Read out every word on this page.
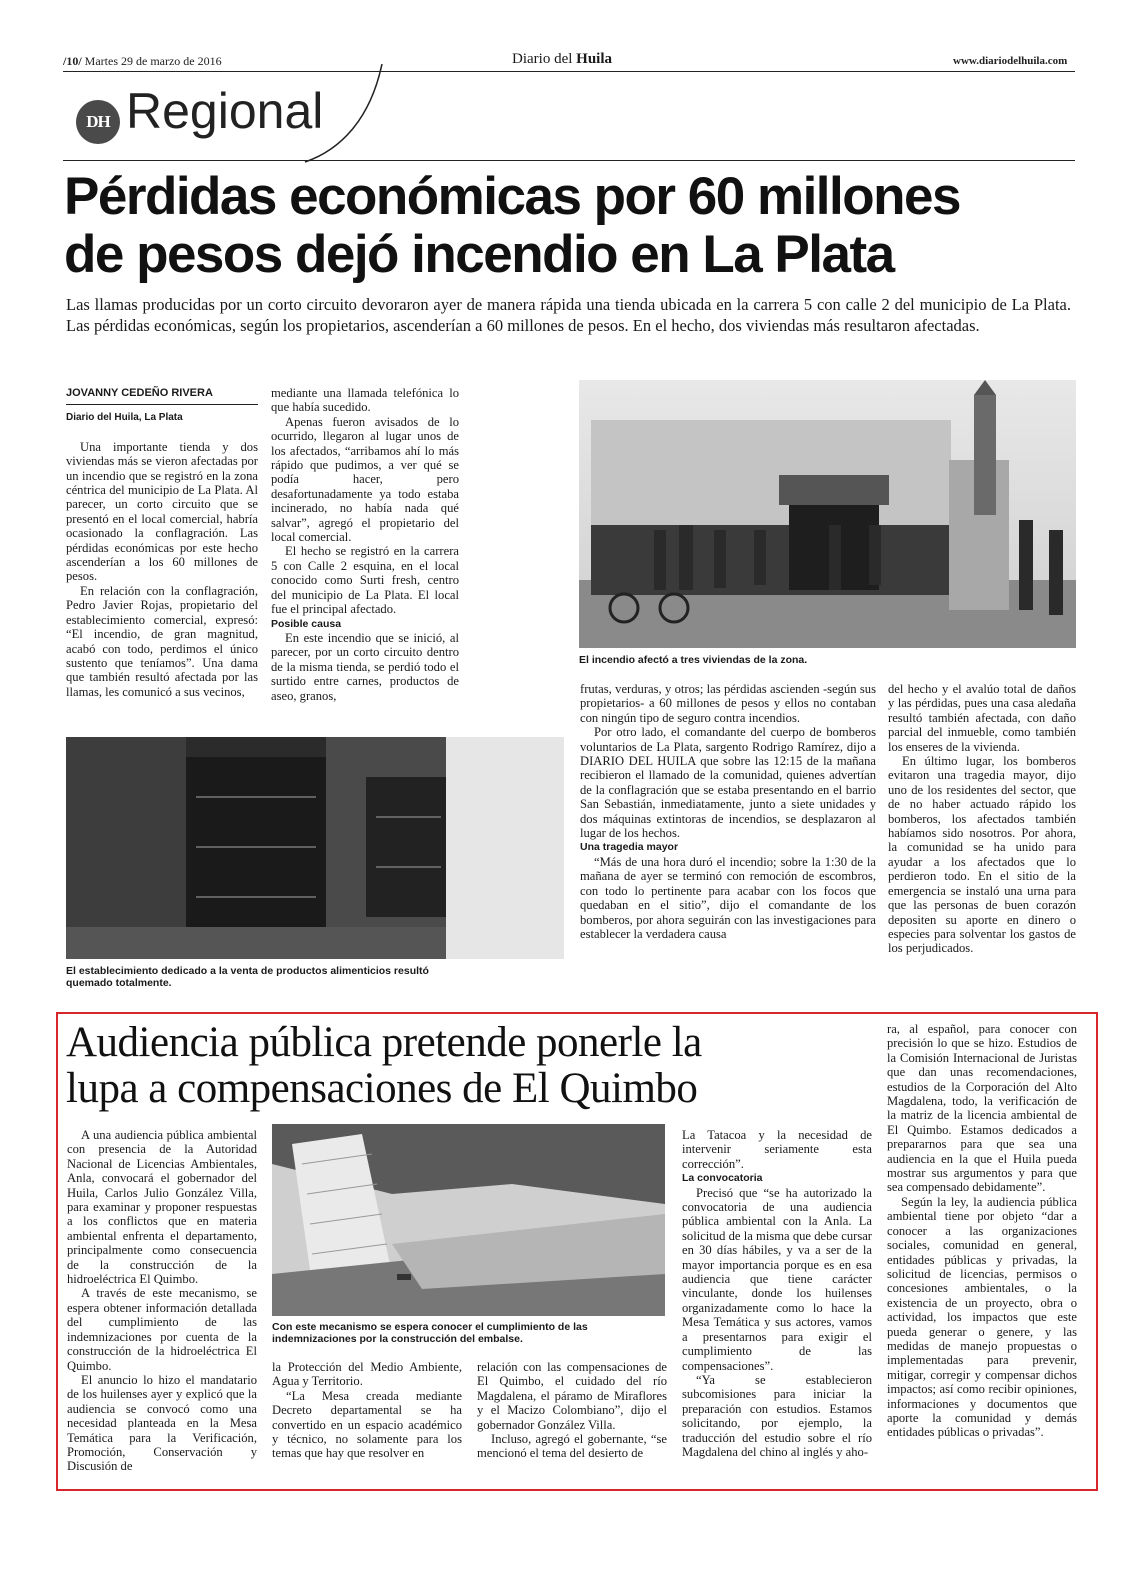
/10/ Martes 29 de marzo de 2016	Diario del Huila	www.diariodelhuila.com
DH Regional
Pérdidas económicas por 60 millones
de pesos dejó incendio en La Plata
Las llamas producidas por un corto circuito devoraron ayer de manera rápida una tienda ubicada en la carrera 5 con calle 2 del municipio de La Plata. Las pérdidas económicas, según los propietarios, ascenderían a 60 millones de pesos. En el hecho, dos viviendas más resultaron afectadas.
JOVANNY CEDEÑO RIVERA
Diario del Huila, La Plata

Una importante tienda y dos viviendas más se vieron afectadas por un incendio que se registró en la zona céntrica del municipio de La Plata. Al parecer, un corto circuito que se presentó en el local comercial, habría ocasionado la conflagración. Las pérdidas económicas por este hecho ascenderían a los 60 millones de pesos.

En relación con la conflagración, Pedro Javier Rojas, propietario del establecimiento comercial, expresó: “El incendio, de gran magnitud, acabó con todo, perdimos el único sustento que teníamos”. Una dama que también resultó afectada por las llamas, les comunicó a sus vecinos,

mediante una llamada telefónica lo que había sucedido.

Apenas fueron avisados de lo ocurrido, llegaron al lugar unos de los afectados, “arribamos ahí lo más rápido que pudimos, a ver qué se podía hacer, pero desafortunadamente ya todo estaba incinerado, no había nada qué salvar”, agregó el propietario del local comercial.

El hecho se registró en la carrera 5 con Calle 2 esquina, en el local conocido como Surti fresh, centro del municipio de La Plata. El local fue el principal afectado.

Posible causa

En este incendio que se inició, al parecer, por un corto circuito dentro de la misma tienda, se perdió todo el surtido entre carnes, productos de aseo, granos,

El incendio afectó a tres viviendas de la zona.

frutas, verduras, y otros; las pérdidas ascienden -según sus propietarios- a 60 millones de pesos y ellos no contaban con ningún tipo de seguro contra incendios.

Por otro lado, el comandante del cuerpo de bomberos voluntarios de La Plata, sargento Rodrigo Ramírez, dijo a DIARIO DEL HUILA que sobre las 12:15 de la mañana recibieron el llamado de la comunidad, quienes advertían de la conflagración que se estaba presentando en el barrio San Sebastián, inmediatamente, junto a siete unidades y dos máquinas extintoras de incendios, se desplazaron al lugar de los hechos.

Una tragedia mayor

“Más de una hora duró el incendio; sobre la 1:30 de la mañana de ayer se terminó con remoción de escombros, con todo lo pertinente para acabar con los focos que quedaban en el sitio”, dijo el comandante de los bomberos, por ahora seguirán con las investigaciones para establecer la verdadera causa

del hecho y el avalúo total de daños y las pérdidas, pues una casa aledaña resultó también afectada, con daño parcial del inmueble, como también los enseres de la vivienda.

En último lugar, los bomberos evitaron una tragedia mayor, dijo uno de los residentes del sector, que de no haber actuado rápido los bomberos, los afectados también habíamos sido nosotros. Por ahora, la comunidad se ha unido para ayudar a los afectados que lo perdieron todo. En el sitio de la emergencia se instaló una urna para que las personas de buen corazón depositen su aporte en dinero o especies para solventar los gastos de los perjudicados.

El establecimiento dedicado a la venta de productos alimenticios resultó quemado totalmente.
Audiencia pública pretende ponerle la
lupa a compensaciones de El Quimbo

A una audiencia pública ambiental con presencia de la Autoridad Nacional de Licencias Ambientales, Anla, convocará el gobernador del Huila, Carlos Julio González Villa, para examinar y proponer respuestas a los conflictos que en materia ambiental enfrenta el departamento, principalmente como consecuencia de la construcción de la hidroeléctrica El Quimbo.

A través de este mecanismo, se espera obtener información detallada del cumplimiento de las indemnizaciones por cuenta de la construcción de la hidroeléctrica El Quimbo.

El anuncio lo hizo el mandatario de los huilenses ayer y explicó que la audiencia se convocó como una necesidad planteada en la Mesa Temática para la Verificación, Promoción, Conservación y Discusión de

Con este mecanismo se espera conocer el cumplimiento de las indemnizaciones por la construcción del embalse.

la Protección del Medio Ambiente, Agua y Territorio.

“La Mesa creada mediante Decreto departamental se ha convertido en un espacio académico y técnico, no solamente para los temas que hay que resolver en

relación con las compensaciones de El Quimbo, el cuidado del río Magdalena, el páramo de Miraflores y el Macizo Colombiano”, dijo el gobernador González Villa.

Incluso, agregó el gobernante, “se mencionó el tema del desierto de

La Tatacoa y la necesidad de intervenir seriamente esta corrección”.

La convocatoria

Precisó que “se ha autorizado la convocatoria de una audiencia pública ambiental con la Anla. La solicitud de la misma que debe cursar en 30 días hábiles, y va a ser de la mayor importancia porque es en esa audiencia que tiene carácter vinculante, donde los huilenses organizadamente como lo hace la Mesa Temática y sus actores, vamos a presentarnos para exigir el cumplimiento de las compensaciones”.

“Ya se establecieron subcomisiones para iniciar la preparación con estudios. Estamos solicitando, por ejemplo, la traducción del estudio sobre el río Magdalena del chino al inglés y aho-

ra, al español, para conocer con precisión lo que se hizo. Estudios de la Comisión Internacional de Juristas que dan unas recomendaciones, estudios de la Corporación del Alto Magdalena, todo, la verificación de la matriz de la licencia ambiental de El Quimbo. Estamos dedicados a prepararnos para que sea una audiencia en la que el Huila pueda mostrar sus argumentos y para que sea compensado debidamente”.

Según la ley, la audiencia pública ambiental tiene por objeto “dar a conocer a las organizaciones sociales, comunidad en general, entidades públicas y privadas, la solicitud de licencias, permisos o concesiones ambientales, o la existencia de un proyecto, obra o actividad, los impactos que este pueda generar o genere, y las medidas de manejo propuestas o implementadas para prevenir, mitigar, corregir y compensar dichos impactos; así como recibir opiniones, informaciones y documentos que aporte la comunidad y demás entidades públicas o privadas”.
